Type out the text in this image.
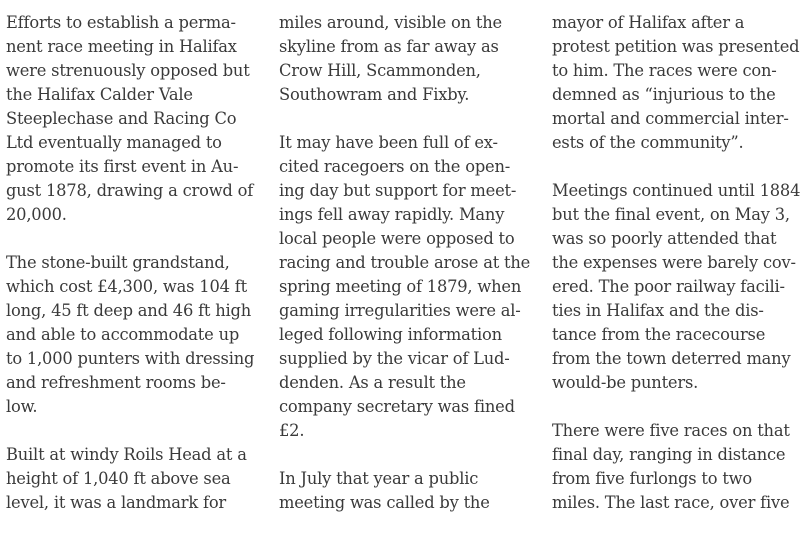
Efforts to establish a perma-
nent race meeting in Halifax
were strenuously opposed but
the Halifax Calder Vale
Steeplechase and Racing Co
Ltd eventually managed to
promote its first event in Au-
gust 1878, drawing a crowd of
20,000.

The stone-built grandstand,
which cost £4,300, was 104 ft
long, 45 ft deep and 46 ft high
and able to accommodate up
to 1,000 punters with dressing
and refreshment rooms be-
low.

Built at windy Roils Head at a
height of 1,040 ft above sea
level, it was a landmark for

miles around, visible on the
skyline from as far away as
Crow Hill, Scammonden,
Southowram and Fixby.

It may have been full of ex-
cited racegoers on the open-
ing day but support for meet-
ings fell away rapidly. Many
local people were opposed to
racing and trouble arose at the
spring meeting of 1879, when
gaming irregularities were al-
leged following information
supplied by the vicar of Lud-
denden. As a result the
company secretary was fined
£2.

In July that year a public
meeting was called by the

mayor of Halifax after a
protest petition was presented
to him. The races were con-
demned as “injurious to the
mortal and commercial inter-
ests of the community”.

Meetings continued until 1884
but the final event, on May 3,
was so poorly attended that
the expenses were barely cov-
ered. The poor railway facili-
ties in Halifax and the dis-
tance from the racecourse
from the town deterred many
would-be punters.

There were five races on that
final day, ranging in distance
from five furlongs to two
miles. The last race, over five
